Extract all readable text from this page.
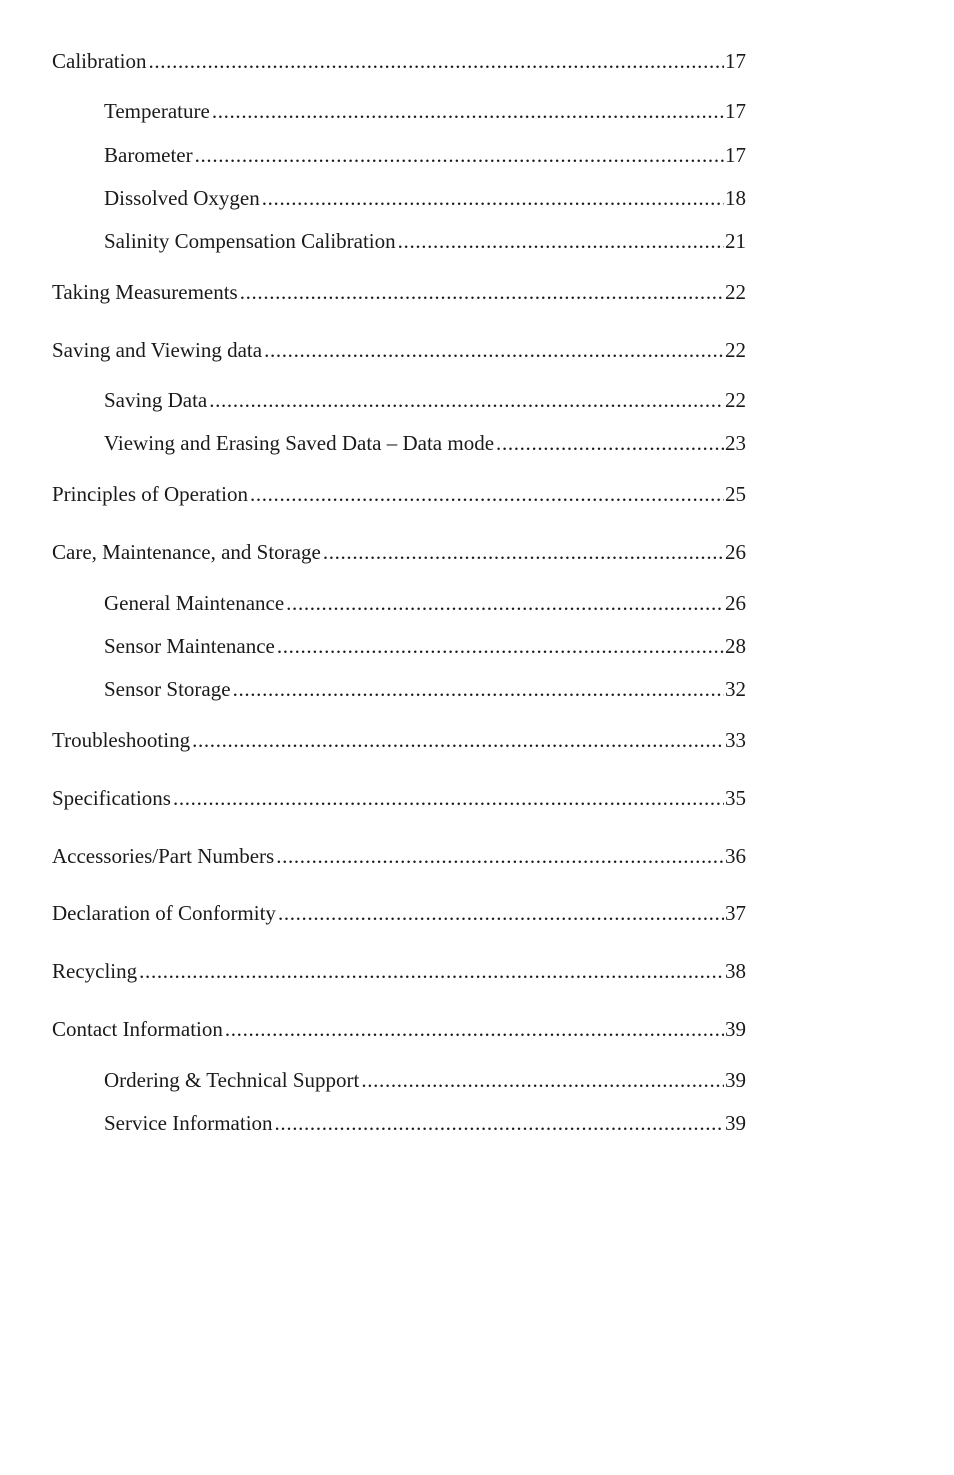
Calibration . . .	17
Temperature . . .	17
Barometer . . .	17
Dissolved Oxygen . . .	18
Salinity Compensation Calibration . . .	21
Taking Measurements . . .	22
Saving and Viewing data . . .	22
Saving Data . . .	22
Viewing and Erasing Saved Data – Data mode . . .	23
Principles of Operation . . .	25
Care, Maintenance, and Storage . . .	26
General Maintenance . . .	26
Sensor Maintenance . . .	28
Sensor Storage . . .	32
Troubleshooting . . .	33
Specifications . . .	35
Accessories/Part Numbers . . .	36
Declaration of Conformity . . .	37
Recycling . . .	38
Contact Information . . .	39
Ordering & Technical Support . . .	39
Service Information . . .	39
